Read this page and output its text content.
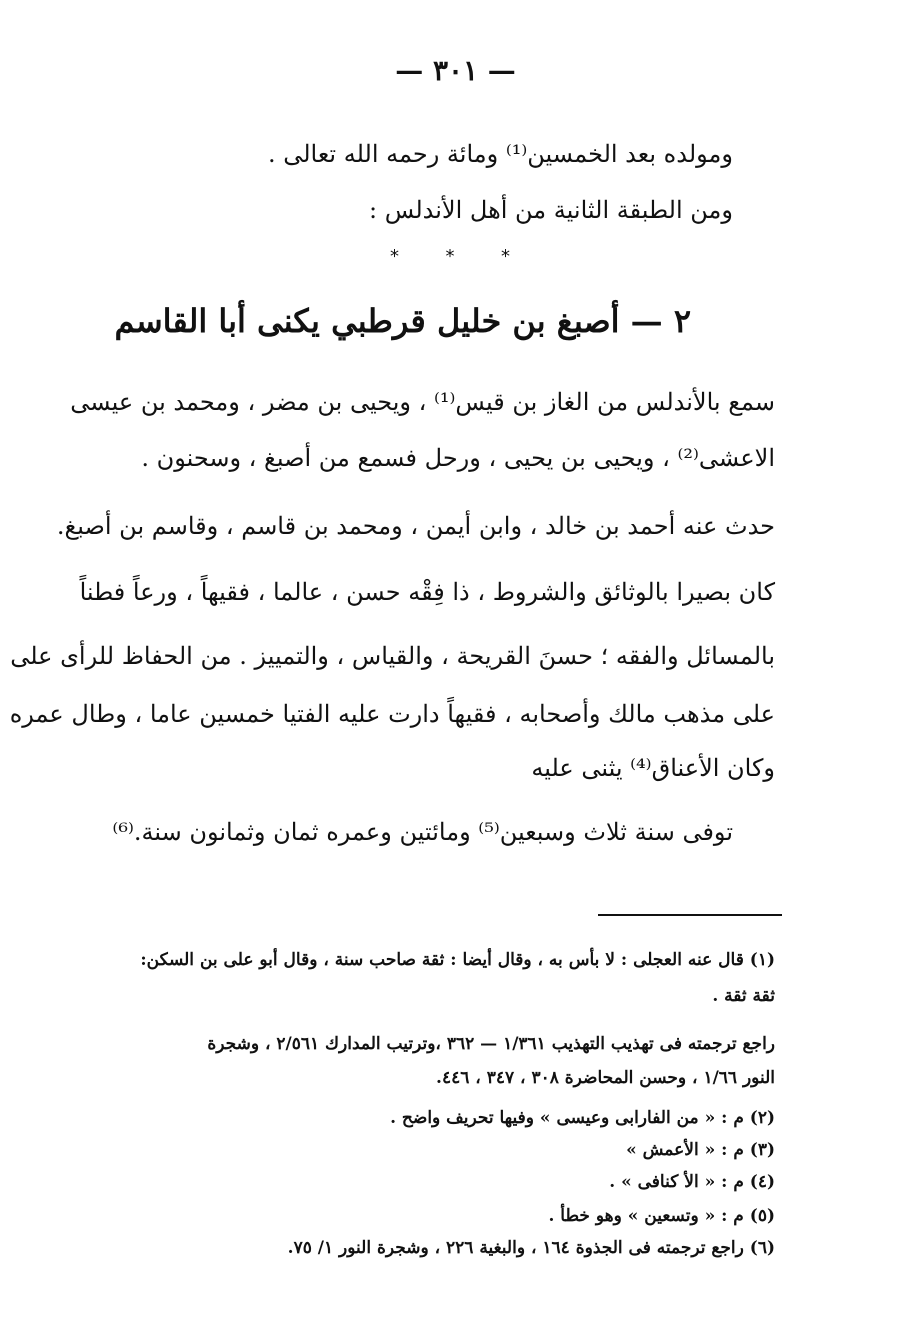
— ٣٠١ —
ومولده بعد الخمسين⁽¹⁾ ومائة رحمه الله تعالى .
ومن الطبقة الثانية من أهل الأندلس :
*	*	*
٢ — أصبغ بن خليل قرطبي يكنى أبا القاسم
سمع بالأندلس من الغاز بن قيس⁽¹⁾ ، ويحيى بن مضر ، ومحمد بن عيسى
الاعشى⁽²⁾ ، ويحيى بن يحيى ، ورحل فسمع من أصبغ ، وسحنون .
حدث عنه أحمد بن خالد ، وابن أيمن ، ومحمد بن قاسم ، وقاسم بن أصبغ.
كان بصيرا بالوثائق والشروط ، ذا فِقْه حسن ، عالما ، فقيهاً ، ورعاً فطناً
بالمسائل والفقه ؛ حسنَ القريحة ، والقياس ، والتمييز . من الحفاظ للرأى على
على مذهب مالك وأصحابه ، فقيهاً دارت عليه الفتيا خمسين عاما ، وطال عمره
وكان الأعناق⁽⁴⁾ يثنى عليه
توفى سنة ثلاث وسبعين⁽⁵⁾ ومائتين وعمره ثمان وثمانون سنة.⁽⁶⁾
(١) قال عنه العجلى : لا بأس به ، وقال أيضا : ثقة صاحب سنة ، وقال أبو على بن السكن:
ثقة ثقة .
راجع ترجمته فى تهذيب التهذيب ١/٣٦١ — ٣٦٢ ،وترتيب المدارك ٢/٥٦١ ، وشجرة
النور ١/٦٦ ، وحسن المحاضرة ٣٠٨ ، ٣٤٧ ، ٤٤٦.
(٢) م : « من الفارابى وعيسى » وفيها تحريف واضح .
(٣) م : « الأعمش »
(٤) م : « الأ كنافى » .
(٥) م : « وتسعين » وهو خطأ .
(٦) راجع ترجمته فى الجذوة ١٦٤ ، والبغية ٢٢٦ ، وشجرة النور ١/ ٧٥.
